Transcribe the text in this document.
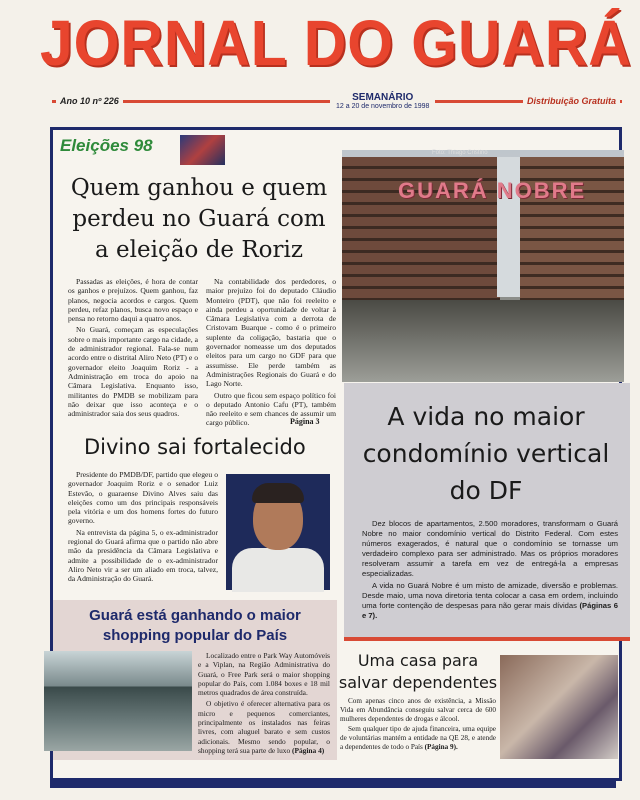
JORNAL DO GUARÁ
Ano 10 nº 226	SEMANÁRIO
12 a 20 de novembro de 1998
Distribuição Gratuita
Eleições 98
Quem ganhou e quem perdeu no Guará com a eleição de Roriz

Passadas as eleições, é hora de contar os ganhos e prejuízos. Quem ganhou, faz planos, negocia acordos e cargos. Quem perdeu, refaz planos, busca novo espaço e pensa no retorno daqui a quatro anos.

No Guará, começam as especulações sobre o mais importante cargo na cidade, a de administrador regional. Fala-se num acordo entre o distrital Aliro Neto (PT) e o governador eleito Joaquim Roriz - a Administração em troca do apoio na Câmara Legislativa. Enquanto isso, militantes do PMDB se mobilizam para não deixar que isso aconteça e o administrador saia dos seus quadros.

Na contabilidade dos perdedores, o maior prejuízo foi do deputado Cláudio Monteiro (PDT), que não foi reeleito e ainda perdeu a oportunidade de voltar à Câmara Legislativa com a derrota de Cristovam Buarque - como é o primeiro suplente da coligação, bastaria que o governador nomeasse um dos deputados eleitos para um cargo no GDF para que assumisse. Ele perde também as Administrações Regionais do Guará e do Lago Norte.

Outro que ficou sem espaço político foi o deputado Antonio Cafu (PT), também não reeleito e sem chances de assumir um cargo público.	Página 3
Foto: Thiago Cristino
GUARÁ NOBRE
A vida no maior condomínio vertical do DF

Dez blocos de apartamentos, 2.500 moradores, transformam o Guará Nobre no maior condomínio vertical do Distrito Federal. Com estes números exagerados, é natural que o condomínio se tornasse um verdadeiro complexo para ser administrado. Mas os próprios moradores resolveram assumir a tarefa em vez de entregá-la a empresas especializadas.

A vida no Guará Nobre é um misto de amizade, diversão e problemas. Desde maio, uma nova diretoria tenta colocar a casa em ordem, incluindo uma forte contenção de despesas para não gerar mais dívidas (Páginas 6 e 7).

Divino sai fortalecido

Presidente do PMDB/DF, partido que elegeu o governador Joaquim Roriz e o senador Luiz Estevão, o guaraense Divino Alves saiu das eleições como um dos principais responsáveis pela vitória e um dos homens fortes do futuro governo.

Na entrevista da página 5, o ex-administrador regional do Guará afirma que o partido não abre mão da presidência da Câmara Legislativa e admite a possibilidade de o ex-administrador Aliro Neto vir a ser um aliado em troca, talvez, da Administração do Guará.

Guará está ganhando o maior shopping popular do País

Localizado entre o Park Way Automóveis e a Viplan, na Região Administrativa do Guará, o Free Park será o maior shopping popular do País, com 1.084 boxes e 18 mil metros quadrados de área construída.

O objetivo é oferecer alternativa para os micro e pequenos comerciantes, principalmente os instalados nas feiras livres, com aluguel barato e sem custos adicionais. Mesmo sendo popular, o shopping terá sua parte de luxo (Página 4)

Uma casa para salvar dependentes

Com apenas cinco anos de existência, a Missão Vida em Abundância conseguiu salvar cerca de 600 mulheres dependentes de drogas e álcool.

Sem qualquer tipo de ajuda financeira, uma equipe de voluntárias mantém a entidade na QE 28, e atende a dependentes de todo o País (Página 9).
